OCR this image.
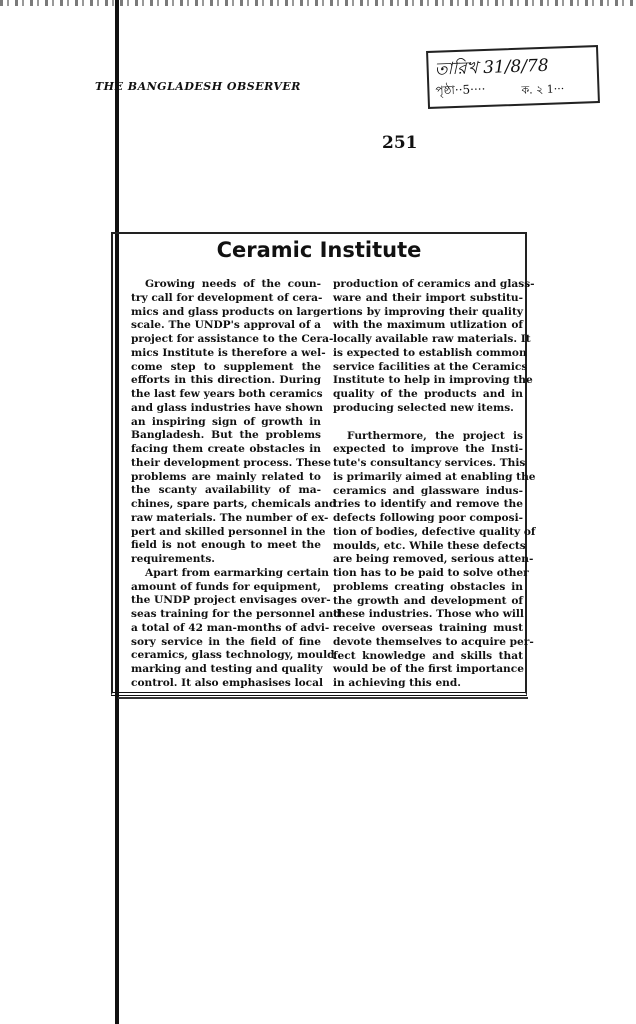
THE BANGLADESH OBSERVER
251
তারিখ 31/8/78
পৃষ্ঠা··5····	ক. ২ 1···
Ceramic Institute
Growing needs of the coun-
try call for development of cera-
mics and glass products on larger
scale. The UNDP's approval of a
project for assistance to the Cera-
mics Institute is therefore a wel-
come step to supplement the
efforts in this direction. During
the last few years both ceramics
and glass industries have shown
an inspiring sign of growth in
Bangladesh. But the problems
facing them create obstacles in
their development process. These
problems are mainly related to
the scanty availability of ma-
chines, spare parts, chemicals and
raw materials. The number of ex-
pert and skilled personnel in the
field is not enough to meet the
requirements.
Apart from earmarking certain
amount of funds for equipment,
the UNDP project envisages over-
seas training for the personnel and
a total of 42 man-months of advi-
sory service in the field of fine
ceramics, glass technology, mould
marking and testing and quality
control. It also emphasises local
production of ceramics and glass-
ware and their import substitu-
tions by improving their quality
with the maximum utlization of
locally available raw materials. It
is expected to establish common
service facilities at the Ceramics
Institute to help in improving the
quality of the products and in
producing selected new items.
Furthermore, the project is
expected to improve the Insti-
tute's consultancy services. This
is primarily aimed at enabling the
ceramics and glassware indus-
tries to identify and remove the
defects following poor composi-
tion of bodies, defective quality of
moulds, etc. While these defects
are being removed, serious atten-
tion has to be paid to solve other
problems creating obstacles in
the growth and development of
these industries. Those who will
receive overseas training must
devote themselves to acquire per-
fect knowledge and skills that
would be of the first importance
in achieving this end.
